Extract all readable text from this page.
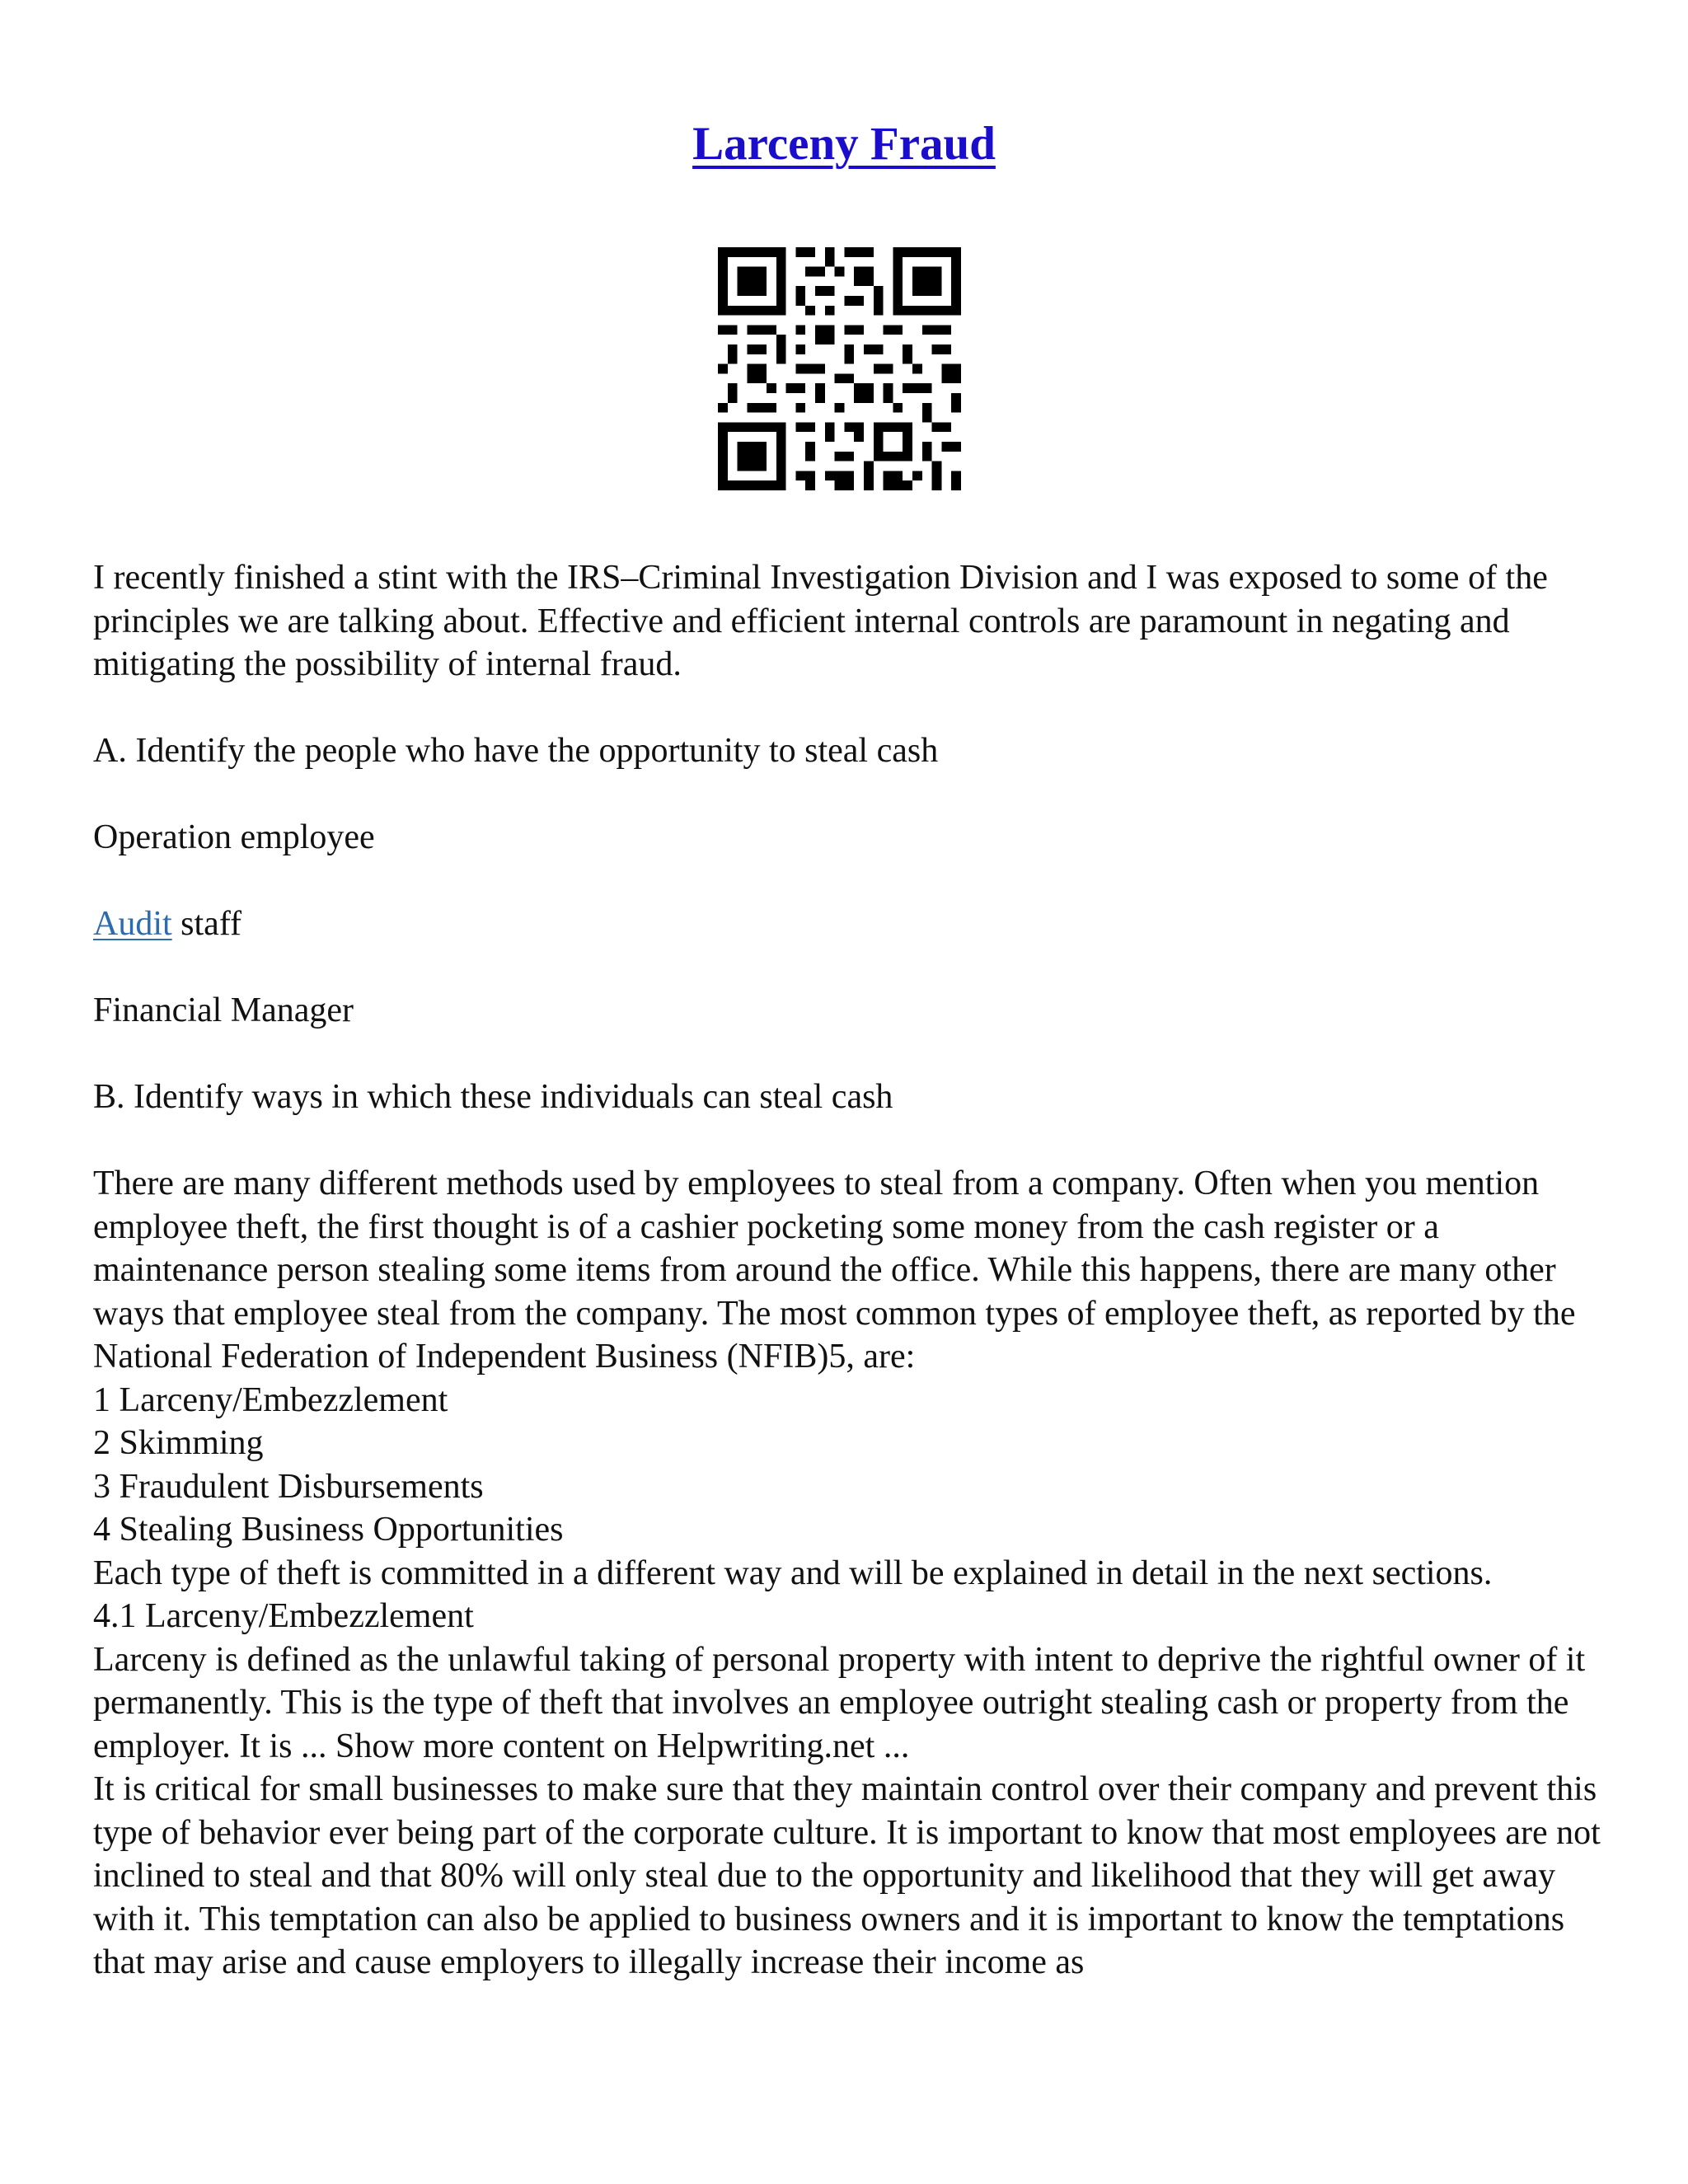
Larceny Fraud

I recently finished a stint with the IRS–Criminal Investigation Division and I was exposed to some of the principles we are talking about. Effective and efficient internal controls are paramount in negating and mitigating the possibility of internal fraud.

A. Identify the people who have the opportunity to steal cash

Operation employee

Audit staff

Financial Manager

B. Identify ways in which these individuals can steal cash

There are many different methods used by employees to steal from a company. Often when you mention employee theft, the first thought is of a cashier pocketing some money from the cash register or a maintenance person stealing some items from around the office. While this happens, there are many other ways that employee steal from the company. The most common types of employee theft, as reported by the National Federation of Independent Business (NFIB)5, are:

1 Larceny/Embezzlement

2 Skimming

3 Fraudulent Disbursements

4 Stealing Business Opportunities

Each type of theft is committed in a different way and will be explained in detail in the next sections.

4.1 Larceny/Embezzlement

Larceny is defined as the unlawful taking of personal property with intent to deprive the rightful owner of it permanently. This is the type of theft that involves an employee outright stealing cash or property from the employer. It is ... Show more content on Helpwriting.net ...

It is critical for small businesses to make sure that they maintain control over their company and prevent this type of behavior ever being part of the corporate culture. It is important to know that most employees are not inclined to steal and that 80% will only steal due to the opportunity and likelihood that they will get away with it. This temptation can also be applied to business owners and it is important to know the temptations that may arise and cause employers to illegally increase their income as
